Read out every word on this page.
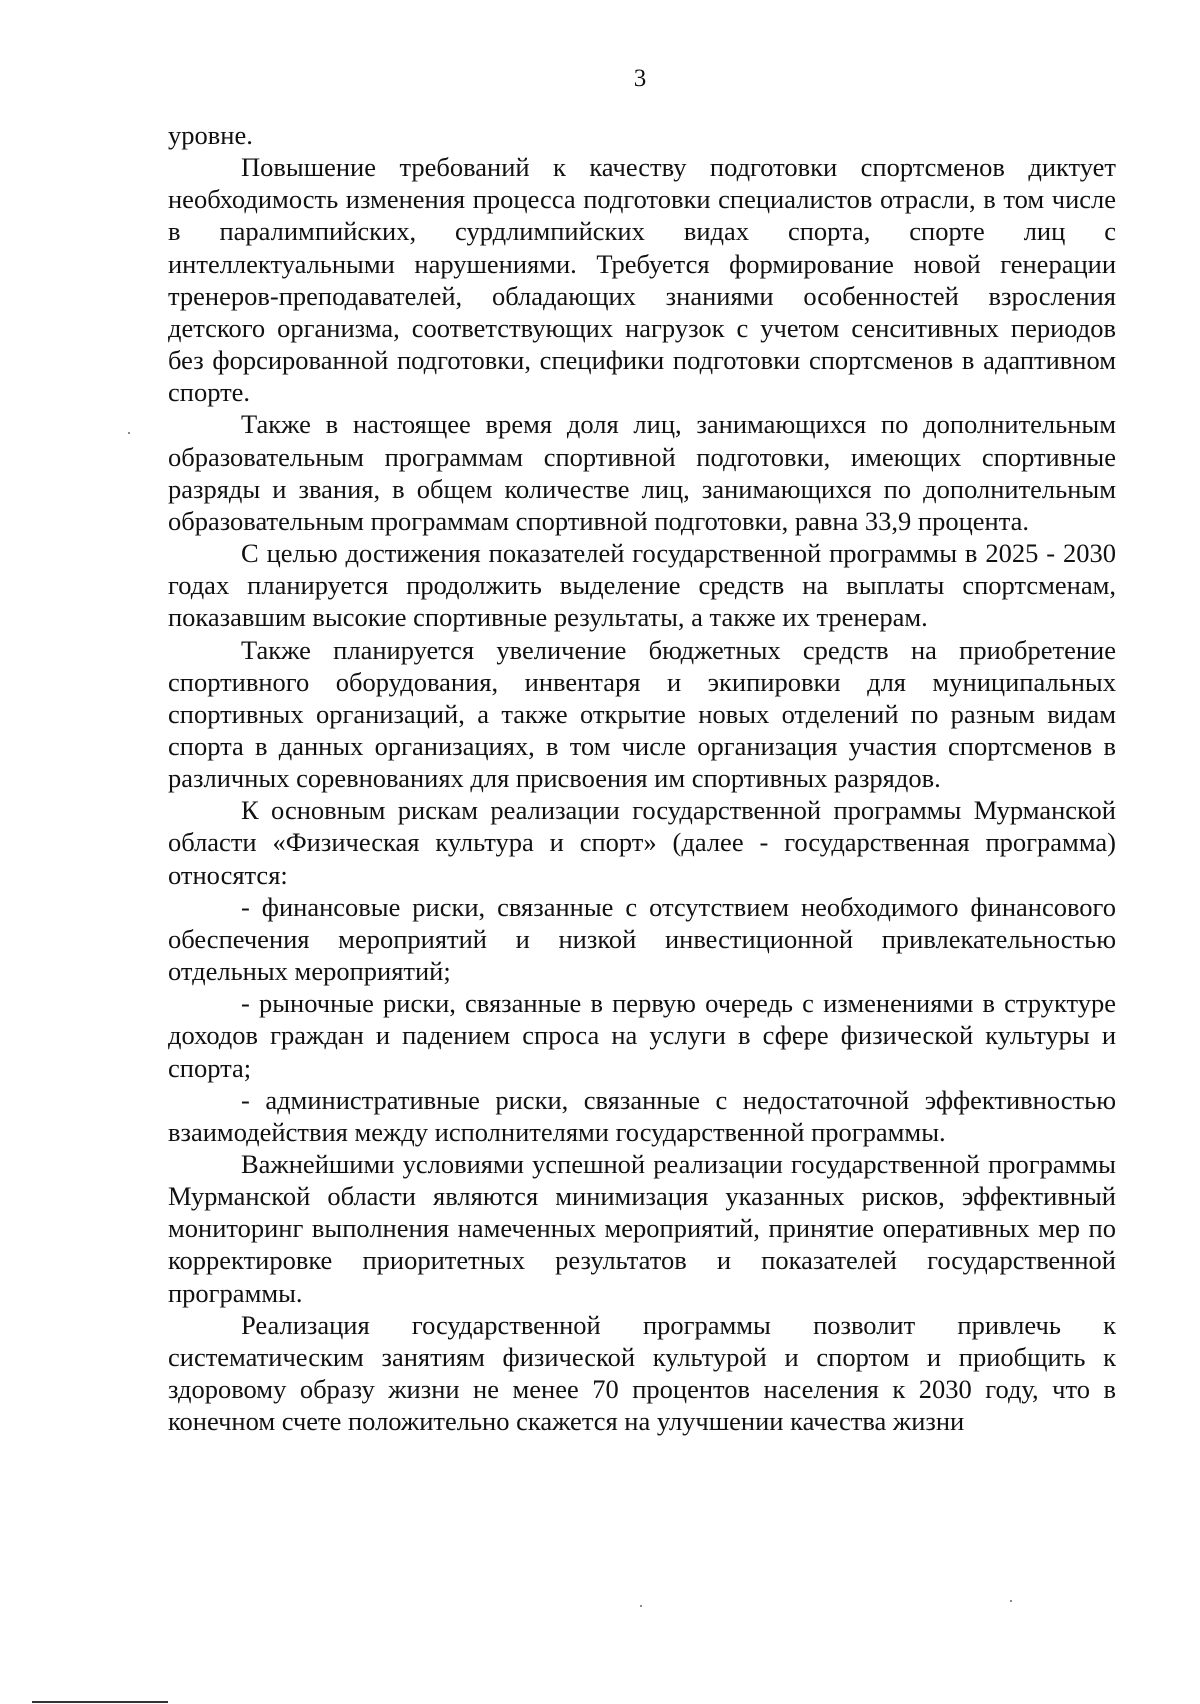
3

уровне.

Повышение требований к качеству подготовки спортсменов диктует необходимость изменения процесса подготовки специалистов отрасли, в том числе в паралимпийских, сурдлимпийских видах спорта, спорте лиц с интеллектуальными нарушениями. Требуется формирование новой генерации тренеров-преподавателей, обладающих знаниями особенностей взросления детского организма, соответствующих нагрузок с учетом сенситивных периодов без форсированной подготовки, специфики подготовки спортсменов в адаптивном спорте.

Также в настоящее время доля лиц, занимающихся по дополнительным образовательным программам спортивной подготовки, имеющих спортивные разряды и звания, в общем количестве лиц, занимающихся по дополнительным образовательным программам спортивной подготовки, равна 33,9 процента.

С целью достижения показателей государственной программы в 2025 - 2030 годах планируется продолжить выделение средств на выплаты спортсменам, показавшим высокие спортивные результаты, а также их тренерам.

Также планируется увеличение бюджетных средств на приобретение спортивного оборудования, инвентаря и экипировки для муниципальных спортивных организаций, а также открытие новых отделений по разным видам спорта в данных организациях, в том числе организация участия спортсменов в различных соревнованиях для присвоения им спортивных разрядов.

К основным рискам реализации государственной программы Мурманской области «Физическая культура и спорт» (далее - государственная программа) относятся:

- финансовые риски, связанные с отсутствием необходимого финансового обеспечения мероприятий и низкой инвестиционной привлекательностью отдельных мероприятий;

- рыночные риски, связанные в первую очередь с изменениями в структуре доходов граждан и падением спроса на услуги в сфере физической культуры и спорта;

- административные риски, связанные с недостаточной эффективностью взаимодействия между исполнителями государственной программы.

Важнейшими условиями успешной реализации государственной программы Мурманской области являются минимизация указанных рисков, эффективный мониторинг выполнения намеченных мероприятий, принятие оперативных мер по корректировке приоритетных результатов и показателей государственной программы.

Реализация государственной программы позволит привлечь к систематическим занятиям физической культурой и спортом и приобщить к здоровому образу жизни не менее 70 процентов населения к 2030 году, что в конечном счете положительно скажется на улучшении качества жизни
